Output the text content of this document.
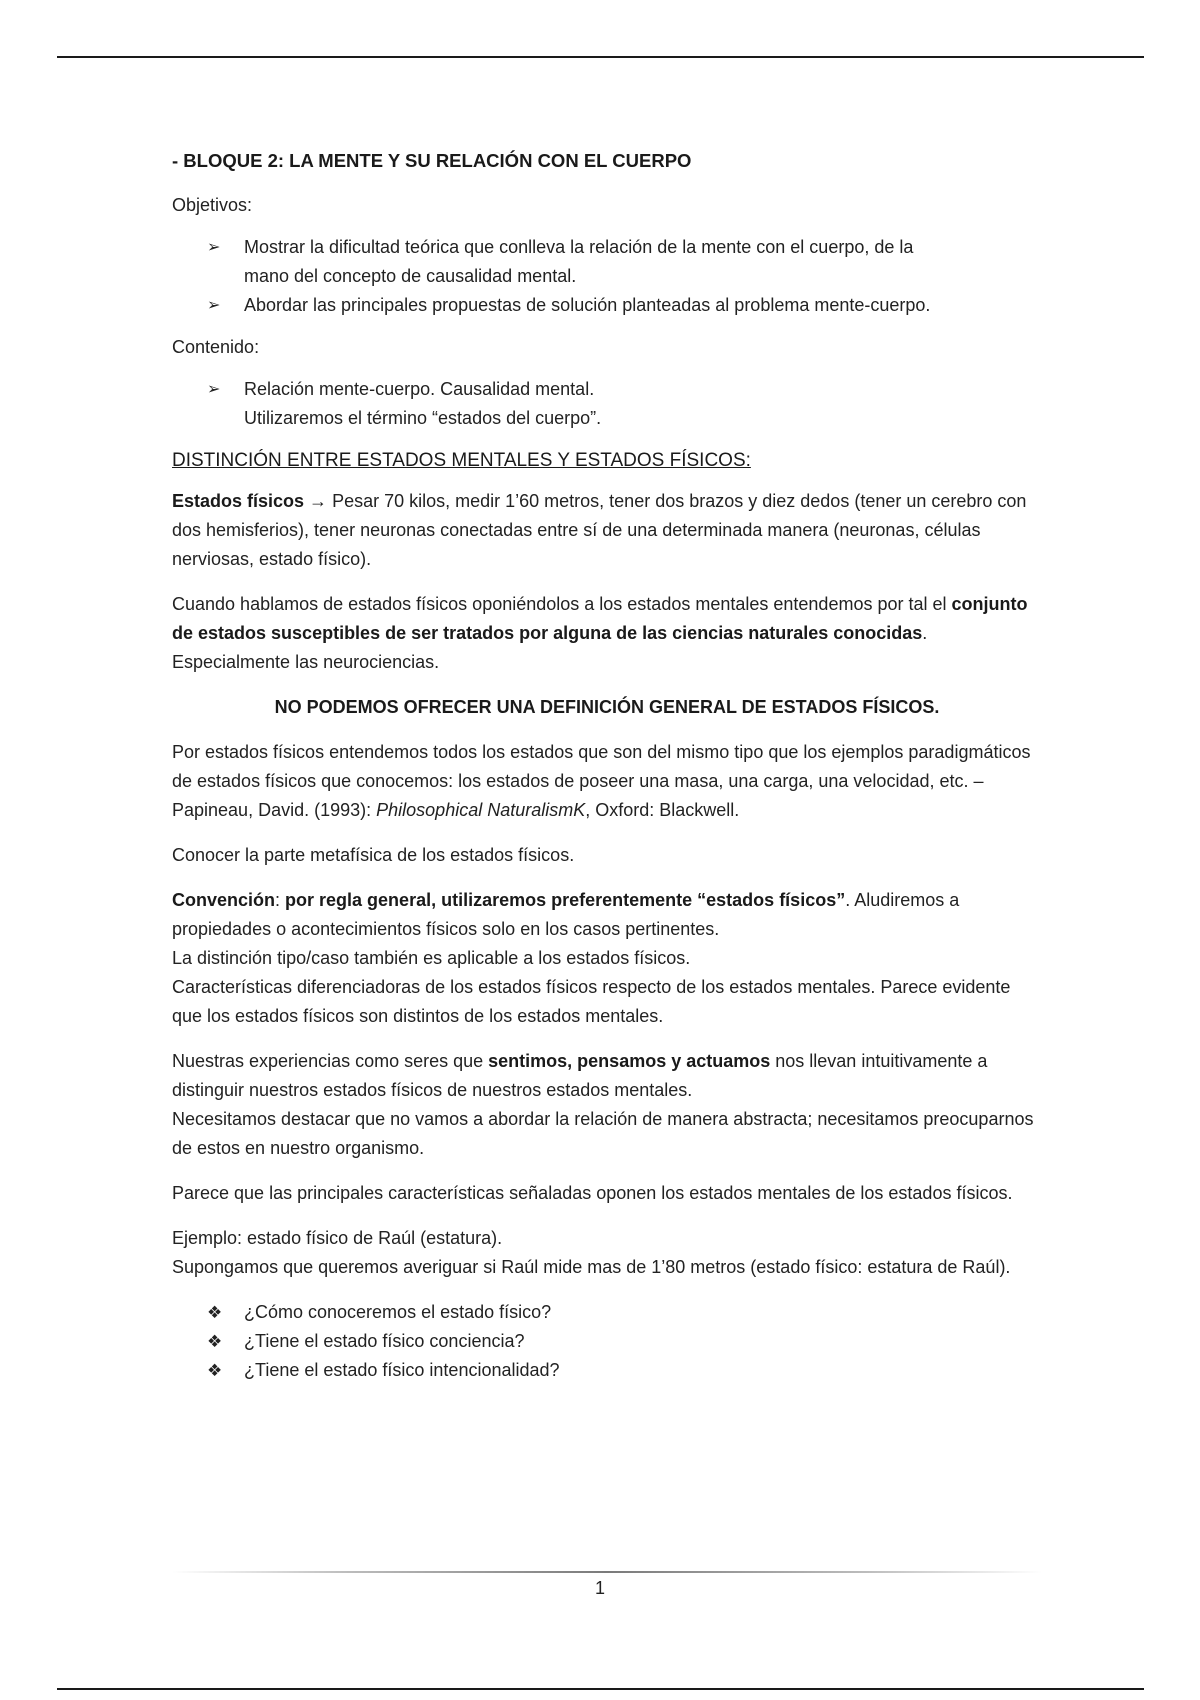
- BLOQUE 2: LA MENTE Y SU RELACIÓN CON EL CUERPO
Objetivos:
➢ Mostrar la dificultad teórica que conlleva la relación de la mente con el cuerpo, de la
mano del concepto de causalidad mental.
➢ Abordar las principales propuestas de solución planteadas al problema mente-cuerpo.
Contenido:
➢ Relación mente-cuerpo. Causalidad mental.
Utilizaremos el término “estados del cuerpo”.
DISTINCIÓN ENTRE ESTADOS MENTALES Y ESTADOS FÍSICOS:

Estados físicos → Pesar 70 kilos, medir 1’60 metros, tener dos brazos y diez dedos (tener un cerebro con dos hemisferios), tener neuronas conectadas entre sí de una determinada manera (neuronas, células nerviosas, estado físico).

Cuando hablamos de estados físicos oponiéndolos a los estados mentales entendemos por tal el conjunto de estados susceptibles de ser tratados por alguna de las ciencias naturales conocidas. Especialmente las neurociencias.

NO PODEMOS OFRECER UNA DEFINICIÓN GENERAL DE ESTADOS FÍSICOS.

Por estados físicos entendemos todos los estados que son del mismo tipo que los ejemplos paradigmáticos de estados físicos que conocemos: los estados de poseer una masa, una carga, una velocidad, etc. – Papineau, David. (1993): Philosophical NaturalismK, Oxford: Blackwell.

Conocer la parte metafísica de los estados físicos.

Convención: por regla general, utilizaremos preferentemente “estados físicos”. Aludiremos a propiedades o acontecimientos físicos solo en los casos pertinentes.
La distinción tipo/caso también es aplicable a los estados físicos.
Características diferenciadoras de los estados físicos respecto de los estados mentales. Parece evidente que los estados físicos son distintos de los estados mentales.

Nuestras experiencias como seres que sentimos, pensamos y actuamos nos llevan intuitivamente a distinguir nuestros estados físicos de nuestros estados mentales.
Necesitamos destacar que no vamos a abordar la relación de manera abstracta; necesitamos preocuparnos de estos en nuestro organismo.

Parece que las principales características señaladas oponen los estados mentales de los estados físicos.

Ejemplo: estado físico de Raúl (estatura).
Supongamos que queremos averiguar si Raúl mide mas de 1’80 metros (estado físico: estatura de Raúl).

❖ ¿Cómo conoceremos el estado físico?
❖ ¿Tiene el estado físico conciencia?
❖ ¿Tiene el estado físico intencionalidad?
1
